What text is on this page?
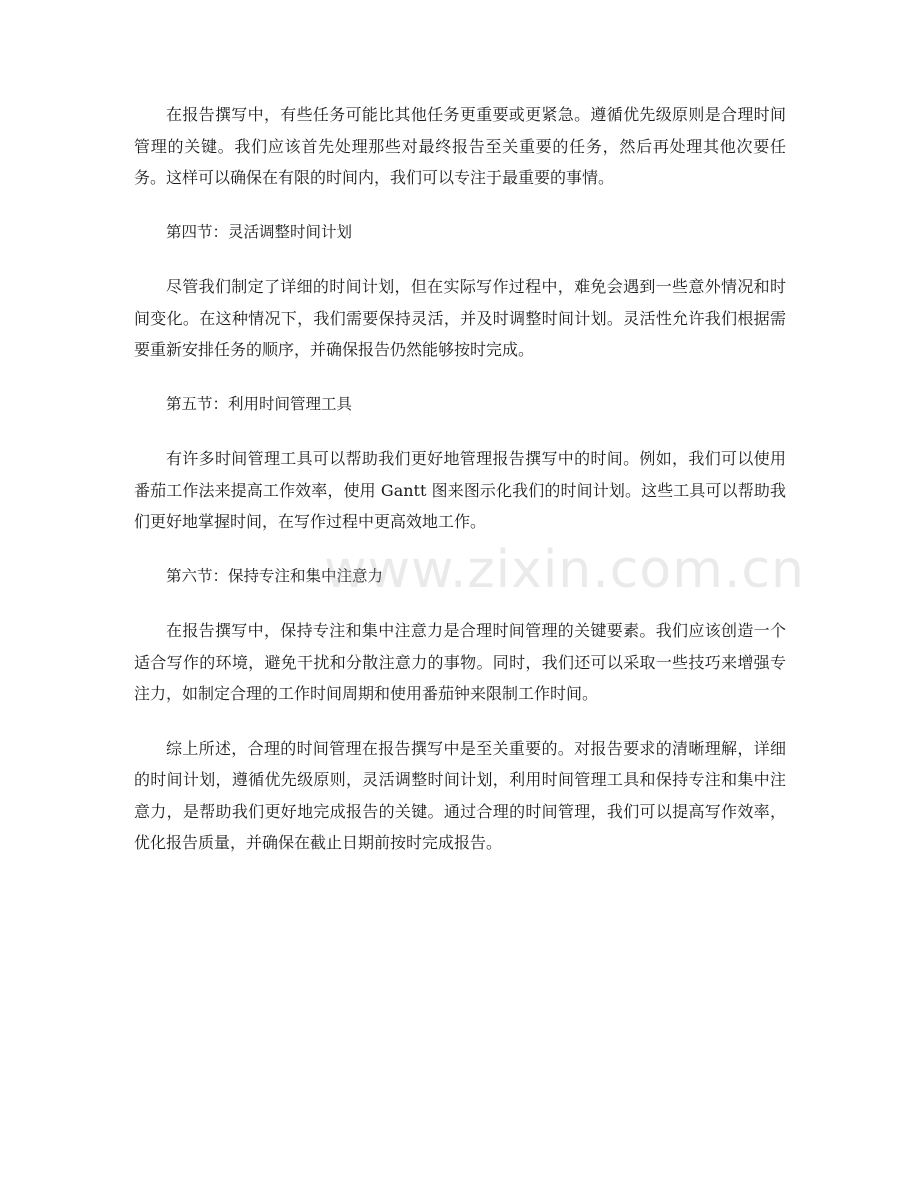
在报告撰写中，有些任务可能比其他任务更重要或更紧急。遵循优先级原则是合理时间管理的关键。我们应该首先处理那些对最终报告至关重要的任务，然后再处理其他次要任务。这样可以确保在有限的时间内，我们可以专注于最重要的事情。

第四节：灵活调整时间计划

尽管我们制定了详细的时间计划，但在实际写作过程中，难免会遇到一些意外情况和时间变化。在这种情况下，我们需要保持灵活，并及时调整时间计划。灵活性允许我们根据需要重新安排任务的顺序，并确保报告仍然能够按时完成。

第五节：利用时间管理工具

有许多时间管理工具可以帮助我们更好地管理报告撰写中的时间。例如，我们可以使用番茄工作法来提高工作效率，使用 Gantt 图来图示化我们的时间计划。这些工具可以帮助我们更好地掌握时间，在写作过程中更高效地工作。

第六节：保持专注和集中注意力

在报告撰写中，保持专注和集中注意力是合理时间管理的关键要素。我们应该创造一个适合写作的环境，避免干扰和分散注意力的事物。同时，我们还可以采取一些技巧来增强专注力，如制定合理的工作时间周期和使用番茄钟来限制工作时间。

综上所述，合理的时间管理在报告撰写中是至关重要的。对报告要求的清晰理解，详细的时间计划，遵循优先级原则，灵活调整时间计划，利用时间管理工具和保持专注和集中注意力，是帮助我们更好地完成报告的关键。通过合理的时间管理，我们可以提高写作效率，优化报告质量，并确保在截止日期前按时完成报告。

www.zixin.com.cn
